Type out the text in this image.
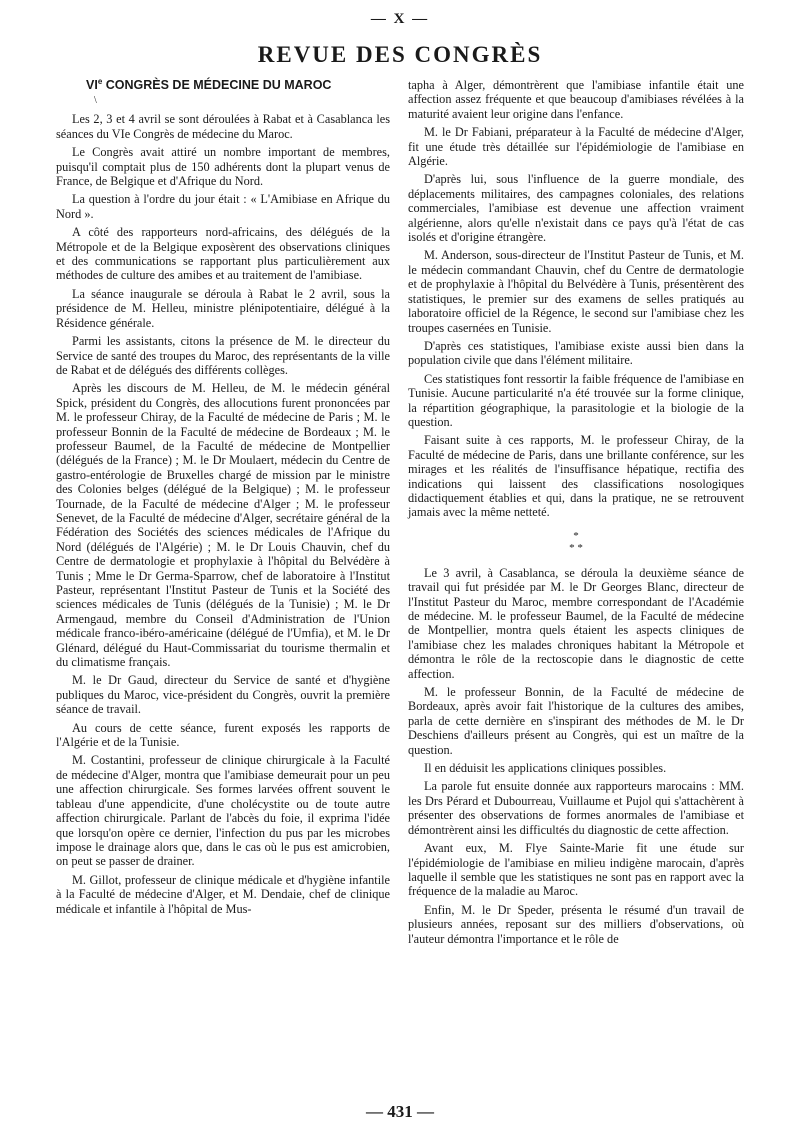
— X —
REVUE DES CONGRÈS
VIe CONGRÈS DE MÉDECINE DU MAROC
\

Les 2, 3 et 4 avril se sont déroulées à Rabat et à Casablanca les séances du VIe Congrès de médecine du Maroc.

Le Congrès avait attiré un nombre important de membres, puisqu'il comptait plus de 150 adhérents dont la plupart venus de France, de Belgique et d'Afrique du Nord.

La question à l'ordre du jour était : « L'Amibiase en Afrique du Nord ».

A côté des rapporteurs nord-africains, des délégués de la Métropole et de la Belgique exposèrent des observations cliniques et des communications se rapportant plus particulièrement aux méthodes de culture des amibes et au traitement de l'amibiase.

La séance inaugurale se déroula à Rabat le 2 avril, sous la présidence de M. Helleu, ministre plénipotentiaire, délégué à la Résidence générale.

Parmi les assistants, citons la présence de M. le directeur du Service de santé des troupes du Maroc, des représentants de la ville de Rabat et de délégués des différents collèges.

Après les discours de M. Helleu, de M. le médecin général Spick, président du Congrès, des allocutions furent prononcées par M. le professeur Chiray, de la Faculté de médecine de Paris ; M. le professeur Bonnin de la Faculté de médecine de Bordeaux ; M. le professeur Baumel, de la Faculté de médecine de Montpellier (délégués de la France) ; M. le Dr Moulaert, médecin du Centre de gastro-entérologie de Bruxelles chargé de mission par le ministre des Colonies belges (délégué de la Belgique) ; M. le professeur Tournade, de la Faculté de médecine d'Alger ; M. le professeur Senevet, de la Faculté de médecine d'Alger, secrétaire général de la Fédération des Sociétés des sciences médicales de l'Afrique du Nord (délégués de l'Algérie) ; M. le Dr Louis Chauvin, chef du Centre de dermatologie et prophylaxie à l'hôpital du Belvédère à Tunis ; Mme le Dr Germa-Sparrow, chef de laboratoire à l'Institut Pasteur, représentant l'Institut Pasteur de Tunis et la Société des sciences médicales de Tunis (délégués de la Tunisie) ; M. le Dr Armengaud, membre du Conseil d'Administration de l'Union médicale franco-ibéro-américaine (délégué de l'Umfia), et M. le Dr Glénard, délégué du Haut-Commissariat du tourisme thermalin et du climatisme français.

M. le Dr Gaud, directeur du Service de santé et d'hygiène publiques du Maroc, vice-président du Congrès, ouvrit la première séance de travail.

Au cours de cette séance, furent exposés les rapports de l'Algérie et de la Tunisie.

M. Costantini, professeur de clinique chirurgicale à la Faculté de médecine d'Alger, montra que l'amibiase demeurait pour un peu une affection chirurgicale. Ses formes larvées offrent souvent le tableau d'une appendicite, d'une cholécystite ou de toute autre affection chirurgicale. Parlant de l'abcès du foie, il exprima l'idée que lorsqu'on opère ce dernier, l'infection du pus par les microbes impose le drainage alors que, dans le cas où le pus est amicrobien, on peut se passer de drainer.

M. Gillot, professeur de clinique médicale et d'hygiène infantile à la Faculté de médecine d'Alger, et M. Dendaie, chef de clinique médicale et infantile à l'hôpital de Mus-

tapha à Alger, démontrèrent que l'amibiase infantile était une affection assez fréquente et que beaucoup d'amibiases révélées à la maturité avaient leur origine dans l'enfance.

M. le Dr Fabiani, préparateur à la Faculté de médecine d'Alger, fit une étude très détaillée sur l'épidémiologie de l'amibiase en Algérie.

D'après lui, sous l'influence de la guerre mondiale, des déplacements militaires, des campagnes coloniales, des relations commerciales, l'amibiase est devenue une affection vraiment algérienne, alors qu'elle n'existait dans ce pays qu'à l'état de cas isolés et d'origine étrangère.

M. Anderson, sous-directeur de l'Institut Pasteur de Tunis, et M. le médecin commandant Chauvin, chef du Centre de dermatologie et de prophylaxie à l'hôpital du Belvédère à Tunis, présentèrent des statistiques, le premier sur des examens de selles pratiqués au laboratoire officiel de la Régence, le second sur l'amibiase chez les troupes casernées en Tunisie.

D'après ces statistiques, l'amibiase existe aussi bien dans la population civile que dans l'élément militaire.

Ces statistiques font ressortir la faible fréquence de l'amibiase en Tunisie. Aucune particularité n'a été trouvée sur la forme clinique, la répartition géographique, la parasitologie et la biologie de la question.

Faisant suite à ces rapports, M. le professeur Chiray, de la Faculté de médecine de Paris, dans une brillante conférence, sur les mirages et les réalités de l'insuffisance hépatique, rectifia des indications qui laissent des classifications nosologiques didactiquement établies et qui, dans la pratique, ne se retrouvent jamais avec la même netteté.

*
* *

Le 3 avril, à Casablanca, se déroula la deuxième séance de travail qui fut présidée par M. le Dr Georges Blanc, directeur de l'Institut Pasteur du Maroc, membre correspondant de l'Académie de médecine. M. le professeur Baumel, de la Faculté de médecine de Montpellier, montra quels étaient les aspects cliniques de l'amibiase chez les malades chroniques habitant la Métropole et démontra le rôle de la rectoscopie dans le diagnostic de cette affection.

M. le professeur Bonnin, de la Faculté de médecine de Bordeaux, après avoir fait l'historique de la cultures des amibes, parla de cette dernière en s'inspirant des méthodes de M. le Dr Deschiens d'ailleurs présent au Congrès, qui est un maître de la question.

Il en déduisit les applications cliniques possibles.

La parole fut ensuite donnée aux rapporteurs marocains : MM. les Drs Pérard et Dubourreau, Vuillaume et Pujol qui s'attachèrent à présenter des observations de formes anormales de l'amibiase et démontrèrent ainsi les difficultés du diagnostic de cette affection.

Avant eux, M. Flye Sainte-Marie fit une étude sur l'épidémiologie de l'amibiase en milieu indigène marocain, d'après laquelle il semble que les statistiques ne sont pas en rapport avec la fréquence de la maladie au Maroc.

Enfin, M. le Dr Speder, présenta le résumé d'un travail de plusieurs années, reposant sur des milliers d'observations, où l'auteur démontra l'importance et le rôle de

— 431 —
